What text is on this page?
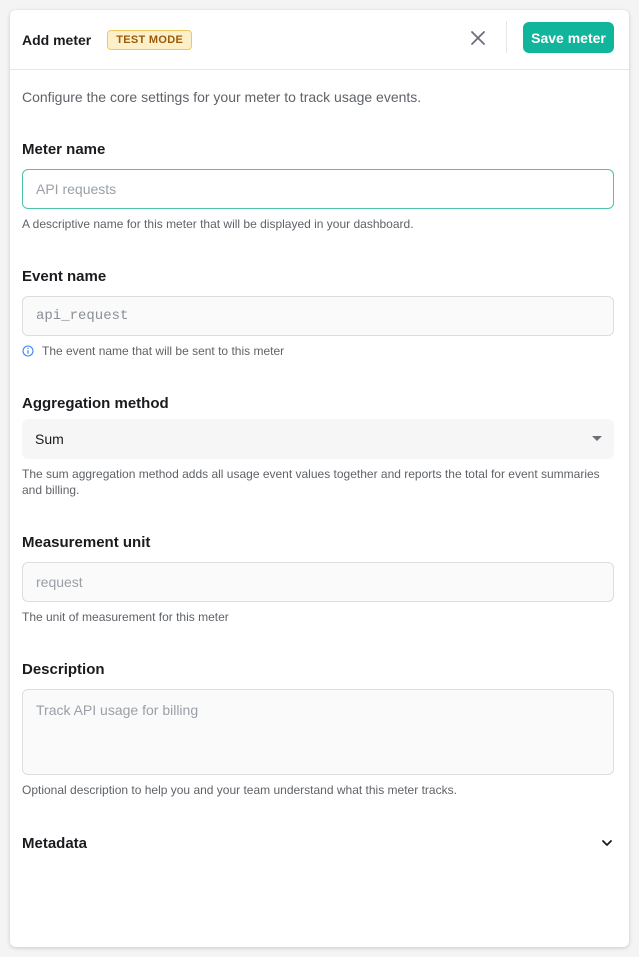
Add meter	TEST MODE	Save meter
Configure the core settings for your meter to track usage events.
Meter name
API requests
A descriptive name for this meter that will be displayed in your dashboard.
Event name
api_request
The event name that will be sent to this meter
Aggregation method
Sum
The sum aggregation method adds all usage event values together and reports the total for event summaries and billing.
Measurement unit
request
The unit of measurement for this meter
Description
Track API usage for billing
Optional description to help you and your team understand what this meter tracks.
Metadata
